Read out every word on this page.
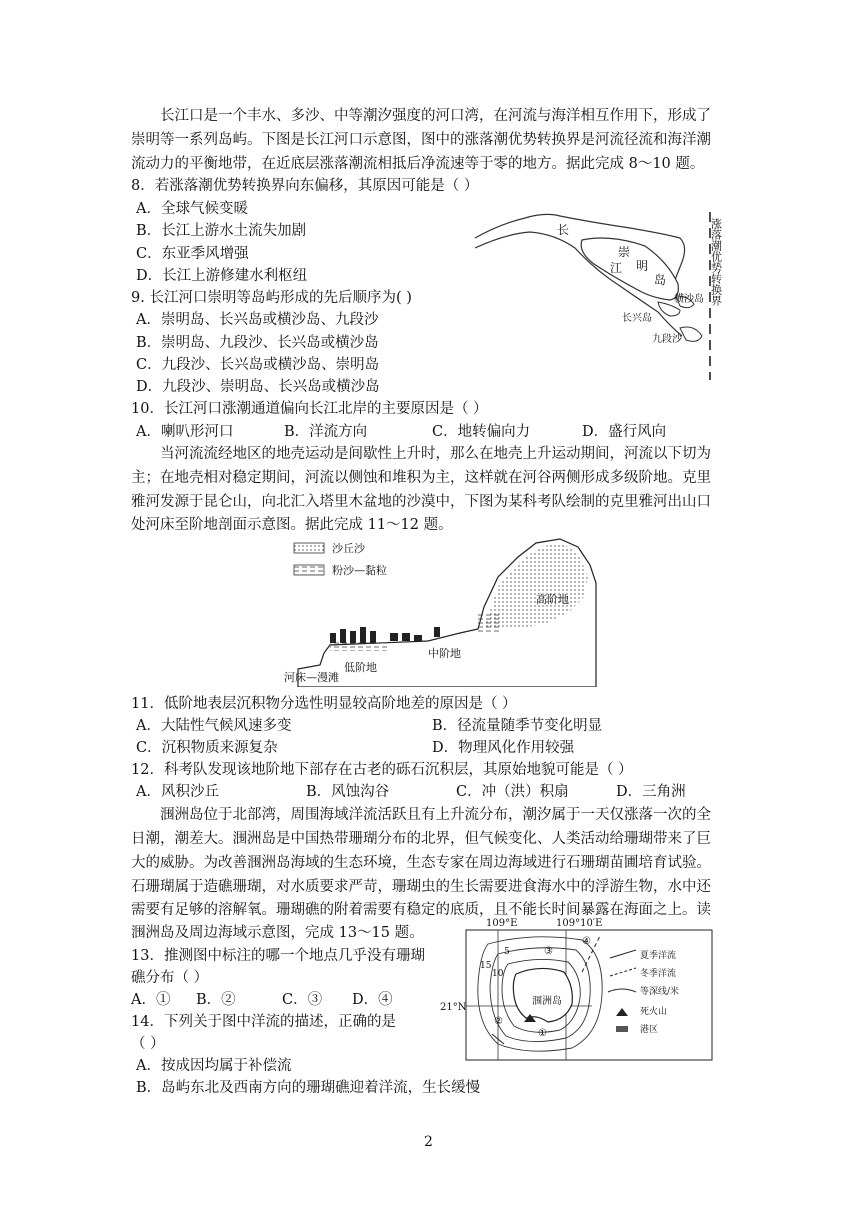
长江口是一个丰水、多沙、中等潮汐强度的河口湾，在河流与海洋相互作用下，形成了
崇明等一系列岛屿。下图是长江河口示意图，图中的涨落潮优势转换界是河流径流和海洋潮
流动力的平衡地带，在近底层涨落潮流相抵后净流速等于零的地方。据此完成 8～10 题。
8．若涨落潮优势转换界向东偏移，其原因可能是（ ）
A．全球气候变暖
B．长江上游水土流失加剧
C．东亚季风增强
D．长江上游修建水利枢纽
9. 长江河口崇明等岛屿形成的先后顺序为( )
A．崇明岛、长兴岛或横沙岛、九段沙
B．崇明岛、九段沙、长兴岛或横沙岛
C．九段沙、长兴岛或横沙岛、崇明岛
D．九段沙、崇明岛、长兴岛或横沙岛
10．长江河口涨潮通道偏向长江北岸的主要原因是（ ）
A．喇叭形河口	B．洋流方向	C．地转偏向力	D．盛行风向
长
江
崇
明
岛
横沙岛
长兴岛
九段沙
涨落潮优势转换界
当河流流经地区的地壳运动是间歇性上升时，那么在地壳上升运动期间，河流以下切为
主；在地壳相对稳定期间，河流以侧蚀和堆积为主，这样就在河谷两侧形成多级阶地。克里
雅河发源于昆仑山，向北汇入塔里木盆地的沙漠中，下图为某科考队绘制的克里雅河出山口
处河床至阶地剖面示意图。据此完成 11～12 题。
沙丘沙
粉沙—黏粒
高阶地
中阶地
低阶地
河床—漫滩
11．低阶地表层沉积物分选性明显较高阶地差的原因是（ ）
A．大陆性气候风速多变	B．径流量随季节变化明显
C．沉积物质来源复杂	D．物理风化作用较强
12．科考队发现该地阶地下部存在古老的砾石沉积层，其原始地貌可能是（ ）
A．风积沙丘	B．风蚀沟谷	C．冲（洪）积扇	D．三角洲
涠洲岛位于北部湾，周围海域洋流活跃且有上升流分布，潮汐属于一天仅涨落一次的全
日潮，潮差大。涠洲岛是中国热带珊瑚分布的北界，但气候变化、人类活动给珊瑚带来了巨
大的威胁。为改善涠洲岛海域的生态环境，生态专家在周边海域进行石珊瑚苗圃培育试验。
石珊瑚属于造礁珊瑚，对水质要求严苛，珊瑚虫的生长需要进食海水中的浮游生物，水中还
需要有足够的溶解氧。珊瑚礁的附着需要有稳定的底质，且不能长时间暴露在海面之上。读
涠洲岛及周边海域示意图，完成 13～15 题。
13．推测图中标注的哪一个地点几乎没有珊瑚
礁分布（ ）
A．① B．②	C．③ D．④
14．下列关于图中洋流的描述，正确的是
（ ）
A．按成因均属于补偿流
B．岛屿东北及西南方向的珊瑚礁迎着洋流，生长缓慢
109°E	109°10′E
21°N
涠洲岛
15
10
5
④
③
②
①
夏季洋流
冬季洋流
等深线/米
死火山
港区
2
